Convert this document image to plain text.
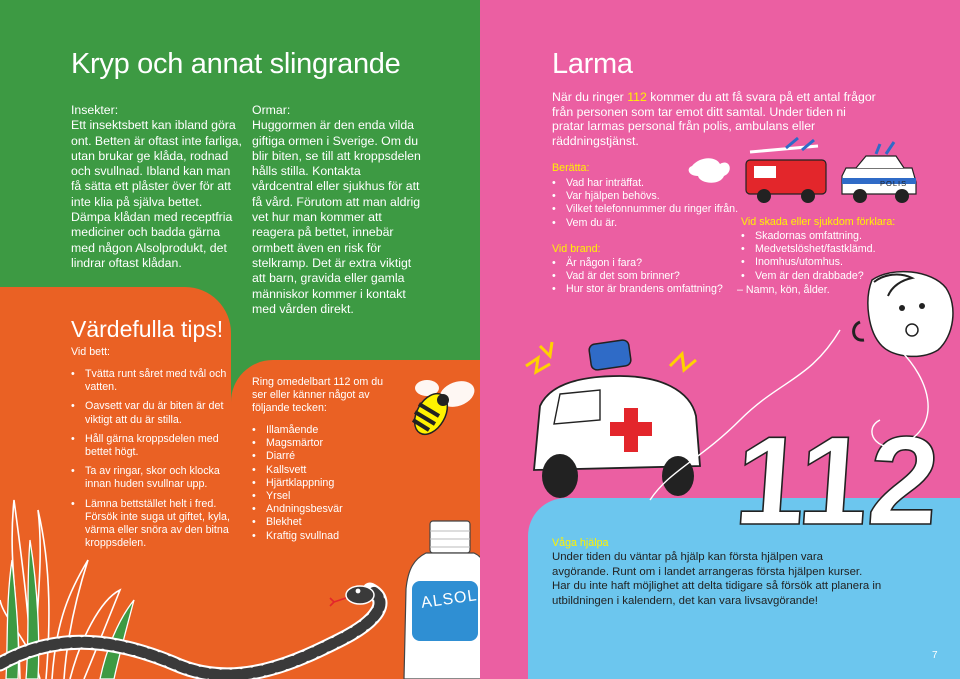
Kryp och annat slingrande
Insekter:
Ett insektsbett kan ibland göra ont. Betten är oftast inte farliga, utan brukar ge klåda, rodnad och svullnad. Ibland kan man få sätta ett plåster över för att inte klia på själva bettet. Dämpa klådan med receptfria mediciner och badda gärna med någon Alsolprodukt, det lindrar oftast klådan.
Ormar:
Huggormen är den enda vilda giftiga ormen i Sverige. Om du blir biten, se till att kroppsdelen hålls stilla. Kontakta vårdcentral eller sjukhus för att få vård. Förutom att man aldrig vet hur man kommer att reagera på bettet, innebär ormbett även en risk för stelkramp. Det är extra viktigt att barn, gravida eller gamla människor kommer i kontakt med vården direkt.
Värdefulla tips!
Vid bett:
• Tvätta runt såret med tvål och vatten.
• Oavsett var du är biten är det viktigt att du är stilla.
• Håll gärna kroppsdelen med bettet högt.
• Ta av ringar, skor och klocka innan huden svullnar upp.
• Lämna bettstället helt i fred. Försök inte suga ut giftet, kyla, värma eller snöra av den bitna kroppsdelen.
Ring omedelbart 112 om du ser eller känner något av följande tecken:
• Illamående
• Magsmärtor
• Diarré
• Kallsvett
• Hjärtklappning
• Yrsel
• Andningsbesvär
• Blekhet
• Kraftig svullnad
ALSOL
Larma
När du ringer 112 kommer du att få svara på ett antal frågor från personen som tar emot ditt samtal. Under tiden ni pratar larmas personal från polis, ambulans eller räddningstjänst.
Berätta:
• Vad har inträffat.
• Var hjälpen behövs.
• Vilket telefonnummer du ringer ifrån.
• Vem du är.
Vid brand:
• Är någon i fara?
• Vad är det som brinner?
• Hur stor är brandens omfattning?
Vid skada eller sjukdom förklara:
• Skadornas omfattning.
• Medvetslöshet/fastklämd.
• Inomhus/utomhus.
• Vem är den drabbade?
– Namn, kön, ålder.
POLIS
112
Våga hjälpa
Under tiden du väntar på hjälp kan första hjälpen vara avgörande. Runt om i landet arrangeras första hjälpen kurser. Har du inte haft möjlighet att delta tidigare så försök att planera in utbildningen i kalendern, det kan vara livsavgörande!
7
